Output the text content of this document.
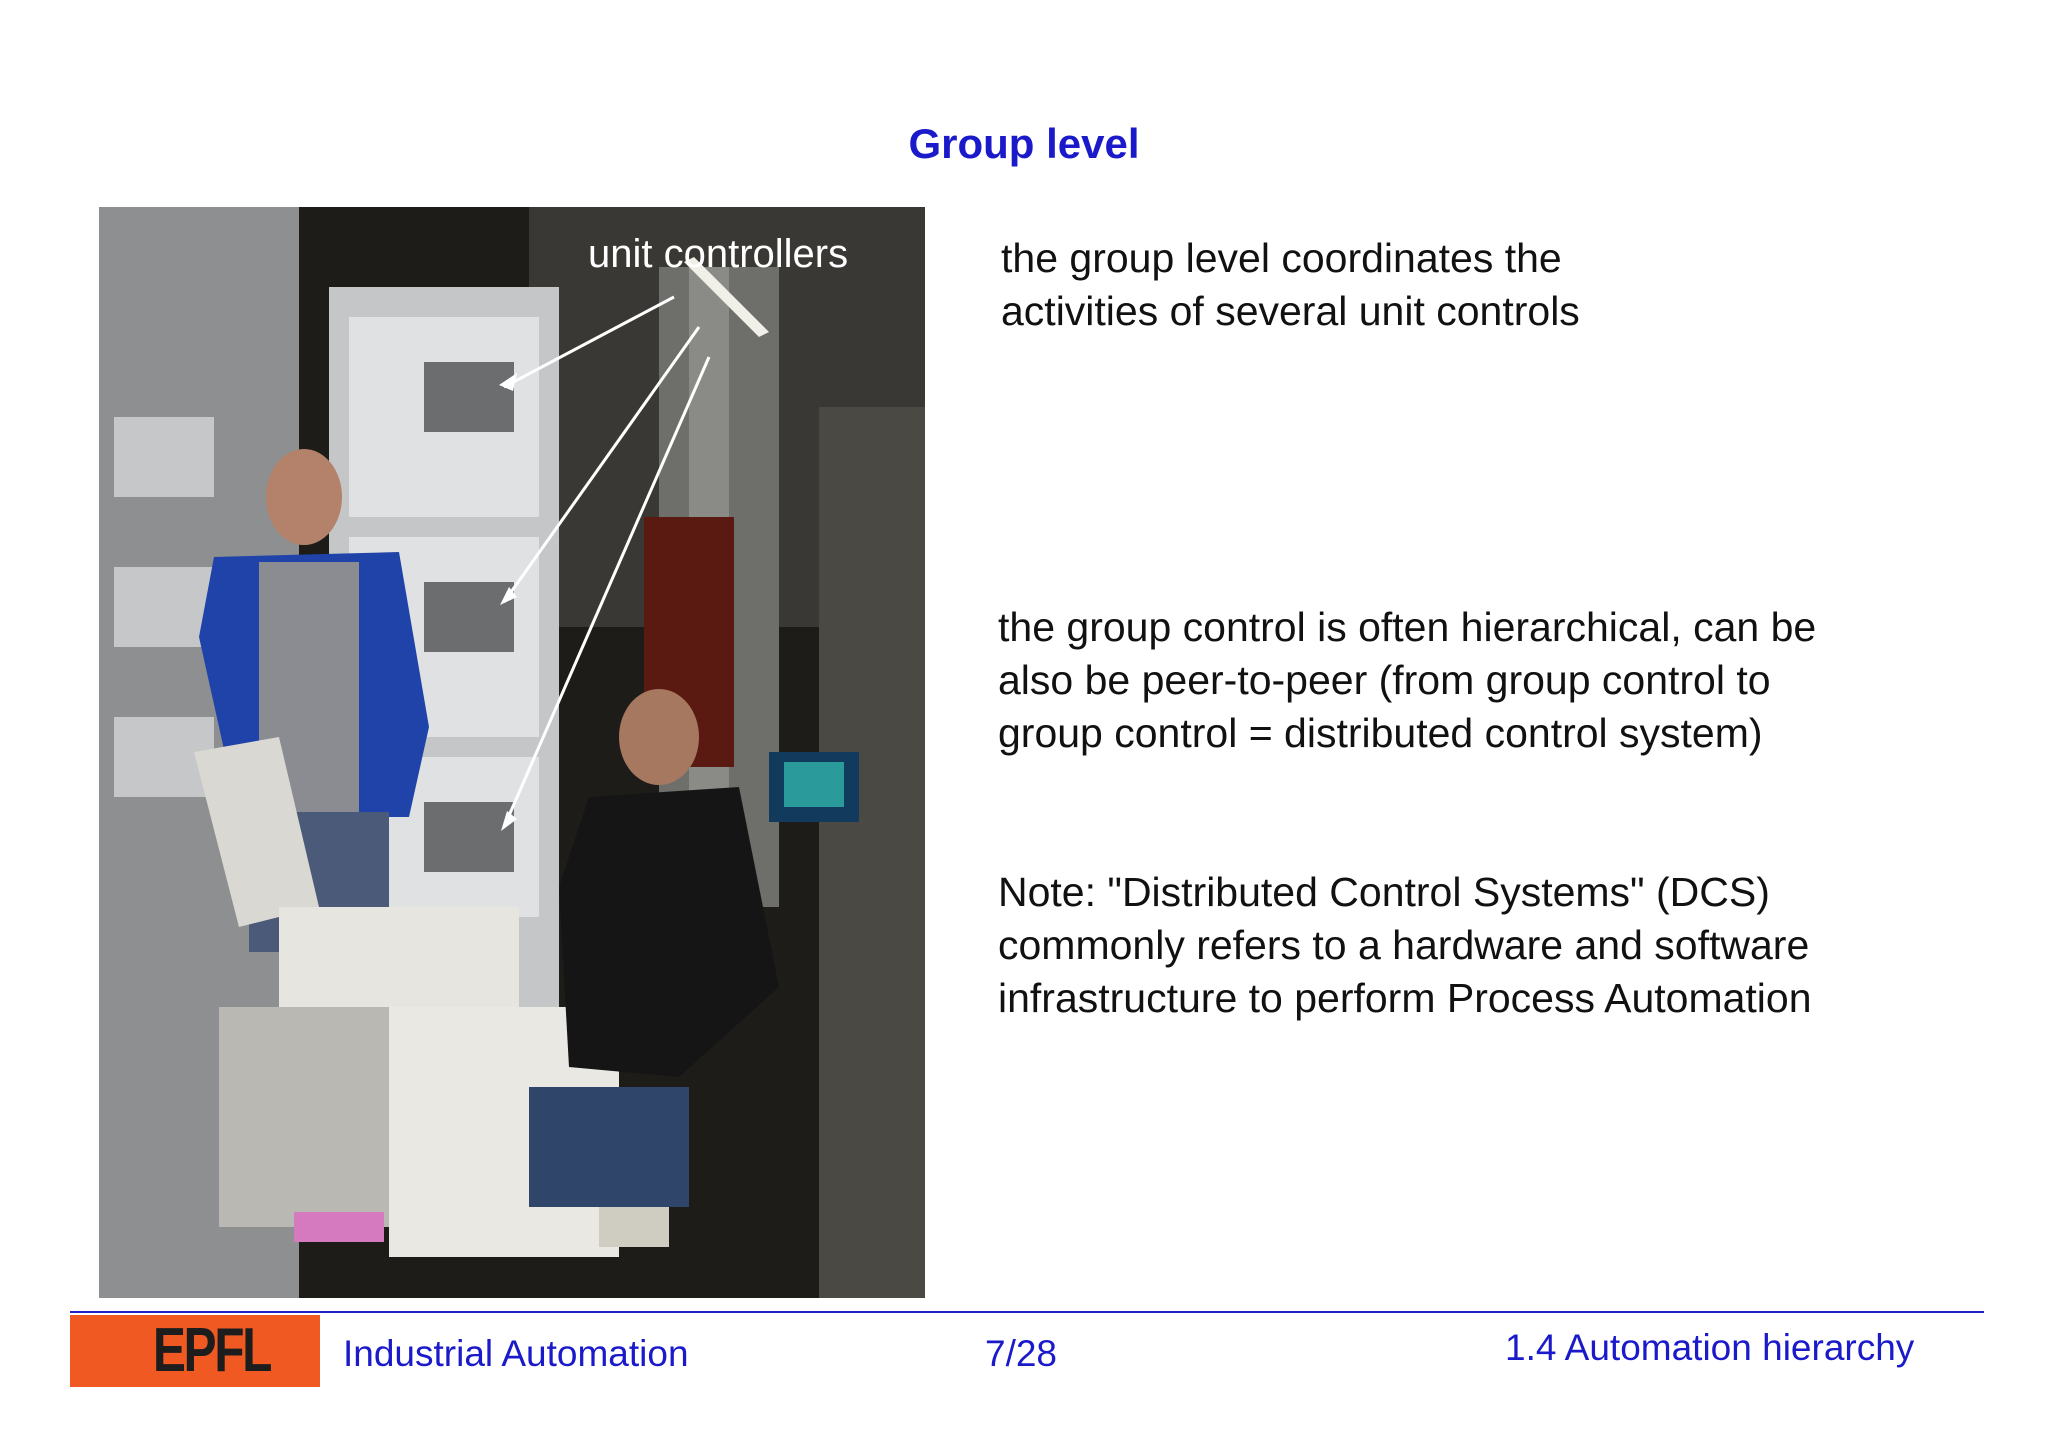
Group level
unit controllers	the group level coordinates the
activities of several unit controls

the group control is often hierarchical, can be
also be peer-to-peer (from group control to
group control = distributed control system)

Note: "Distributed Control Systems" (DCS)
commonly refers to a hardware and software
infrastructure to perform Process Automation

EPFL Industrial Automation	7/28	1.4 Automation hierarchy
